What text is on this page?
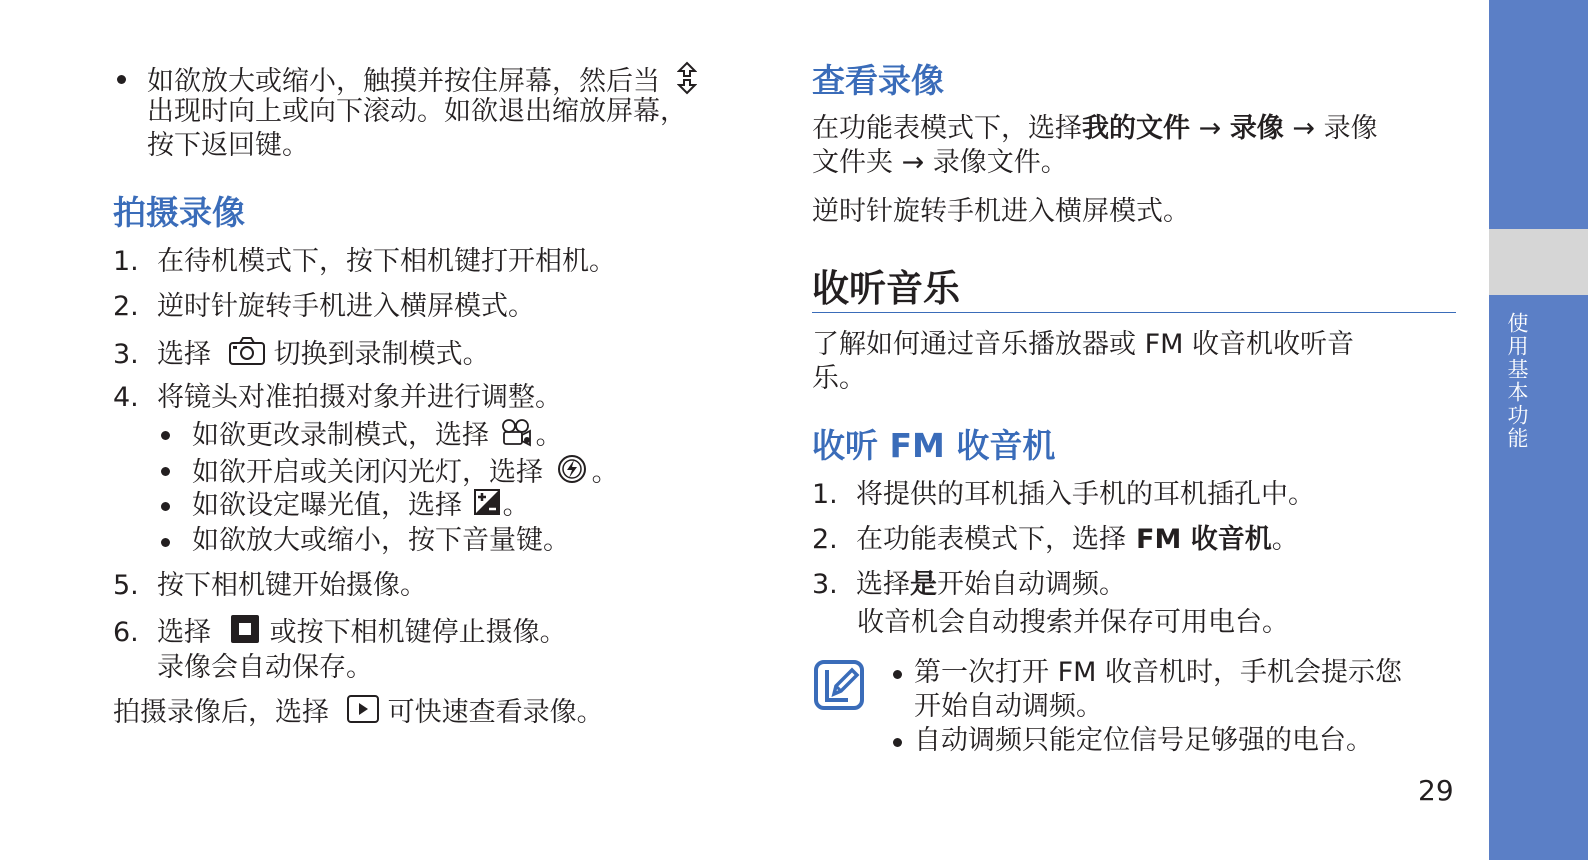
如欲放大或缩小，触摸并按住屏幕，然后当
出现时向上或向下滚动。如欲退出缩放屏幕，
按下返回键。
拍摄录像
1. 在待机模式下，按下相机键打开相机。
2. 逆时针旋转手机进入横屏模式。
3. 选择 切换到录制模式。
4. 将镜头对准拍摄对象并进行调整。
如欲更改录制模式，选择 。
如欲开启或关闭闪光灯，选择 。
如欲设定曝光值，选择 。
如欲放大或缩小，按下音量键。
5. 按下相机键开始摄像。
6. 选择 或按下相机键停止摄像。
录像会自动保存。
拍摄录像后，选择 可快速查看录像。
查看录像
在功能表模式下，选择我的文件 → 录像 → 录像
文件夹 → 录像文件。
逆时针旋转手机进入横屏模式。
收听音乐
了解如何通过音乐播放器或 FM 收音机收听音
乐。
收听 FM 收音机
1. 将提供的耳机插入手机的耳机插孔中。
2. 在功能表模式下，选择 FM 收音机。
3. 选择是开始自动调频。
收音机会自动搜索并保存可用电台。
第一次打开 FM 收音机时，手机会提示您
开始自动调频。
自动调频只能定位信号足够强的电台。
29
使用基本功能
